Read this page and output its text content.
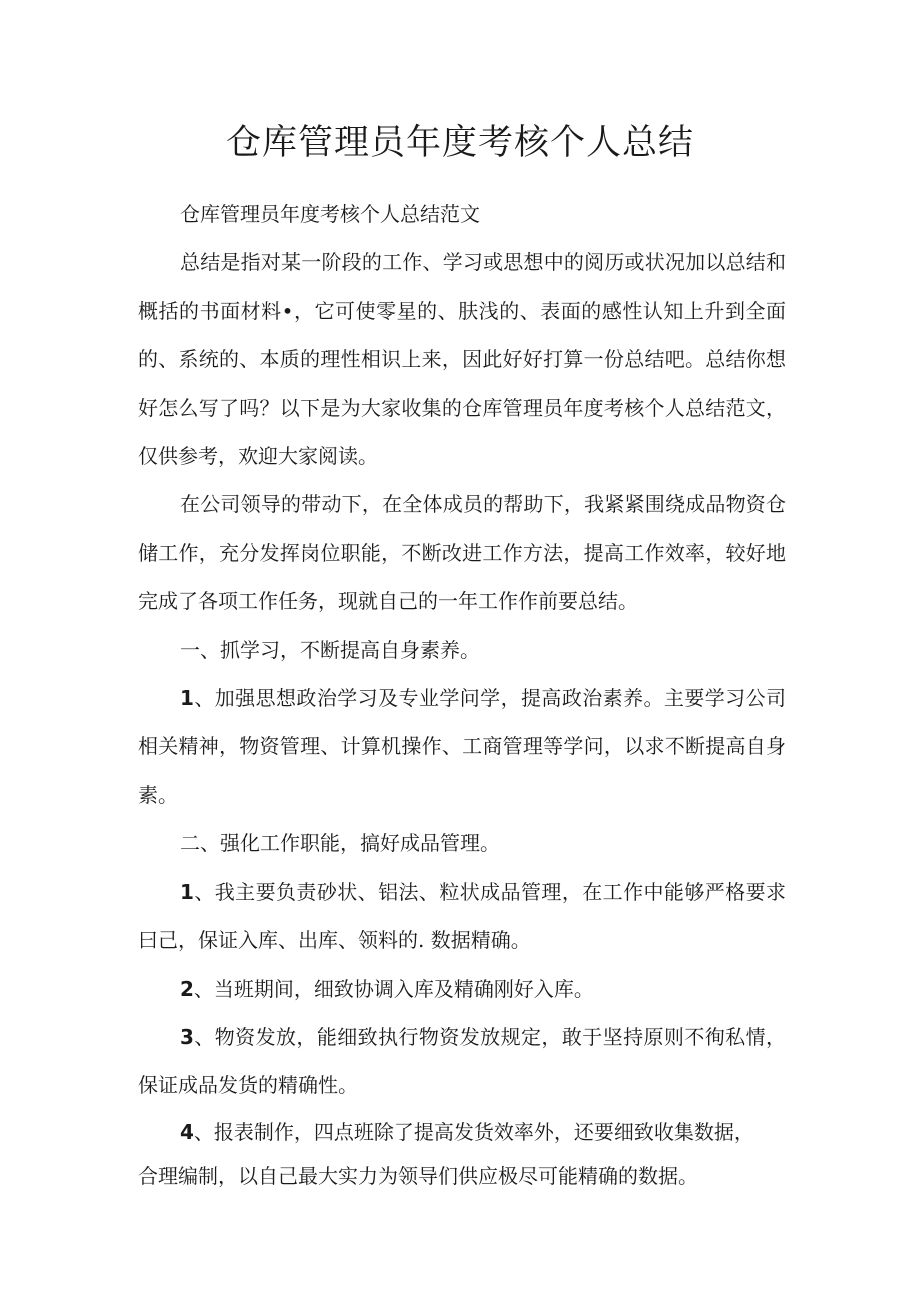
仓库管理员年度考核个人总结

仓库管理员年度考核个人总结范文

总结是指对某一阶段的工作、学习或思想中的阅历或状况加以总结和概括的书面材料•，它可使零星的、肤浅的、表面的感性认知上升到全面的、系统的、本质的理性相识上来，因此好好打算一份总结吧。总结你想好怎么写了吗？以下是为大家收集的仓库管理员年度考核个人总结范文，仅供参考，欢迎大家阅读。

在公司领导的带动下，在全体成员的帮助下，我紧紧围绕成品物资仓储工作，充分发挥岗位职能，不断改进工作方法，提高工作效率，较好地完成了各项工作任务，现就自己的一年工作作前要总结。

一、抓学习，不断提高自身素养。

1、加强思想政治学习及专业学问学，提高政治素养。主要学习公司相关精神，物资管理、计算机操作、工商管理等学问，以求不断提高自身素。

二、强化工作职能，搞好成品管理。

1、我主要负责砂状、铝法、粒状成品管理，在工作中能够严格要求曰己，保证入库、出库、领料的. 数据精确。

2、当班期间，细致协调入库及精确刚好入库。

3、物资发放，能细致执行物资发放规定，敢于坚持原则不徇私情，保证成品发货的精确性。

4、报表制作，四点班除了提高发货效率外，还要细致收集数据，

合理编制，以自己最大实力为领导们供应极尽可能精确的数据。
